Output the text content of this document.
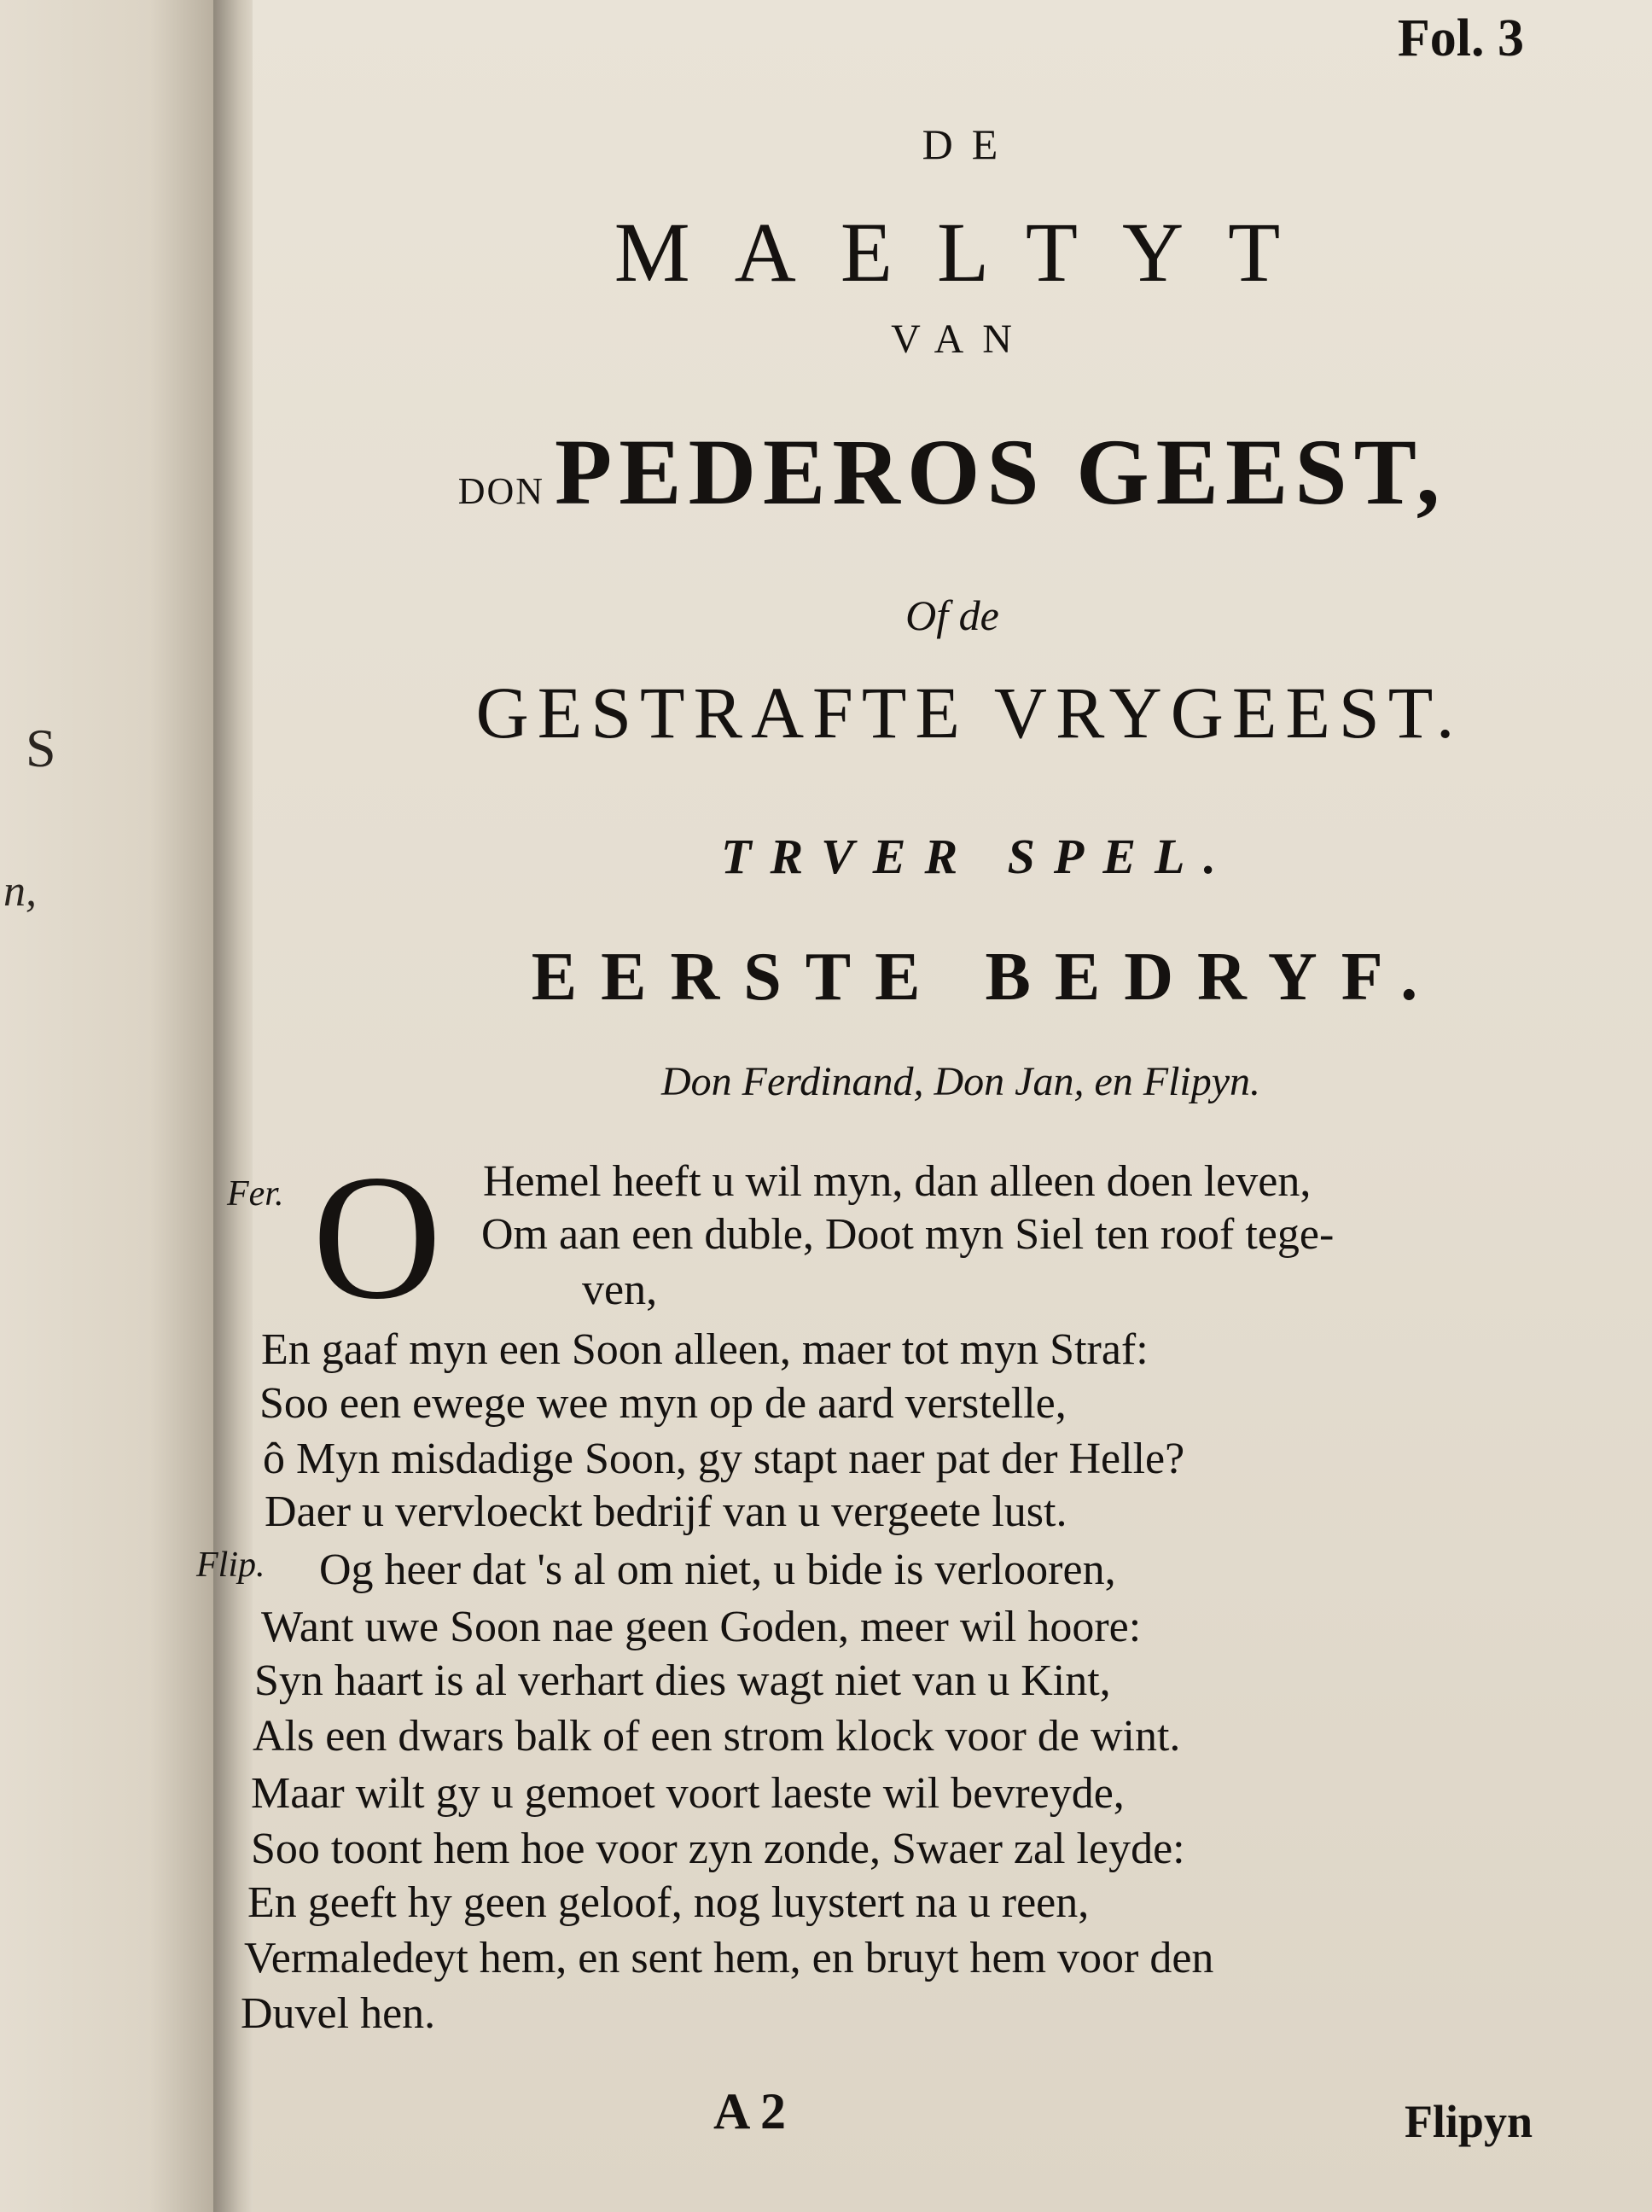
S
n,
Fol. 3
DE
MAELTYT
VAN
DON PEDEROS GEEST,
Of de
GESTRAFTE VRYGEEST.
TRVER SPEL.
EERSTE BEDRYF.
Don Ferdinand, Don Jan, en Flipyn.
Fer.
Flip.
O Hemel heeft u wil myn, dan alleen doen leven,
Om aan een duble, Doot myn Siel ten roof tege-
ven,
En gaaf myn een Soon alleen, maer tot myn Straf:
Soo een ewege wee myn op de aard verstelle,
ô Myn misdadige Soon, gy stapt naer pat der Helle?
Daer u vervloeckt bedrijf van u vergeete lust.
Og heer dat 's al om niet, u bide is verlooren,
Want uwe Soon nae geen Goden, meer wil hoore:
Syn haart is al verhart dies wagt niet van u Kint,
Als een dwars balk of een strom klock voor de wint.
Maar wilt gy u gemoet voort laeste wil bevreyde,
Soo toont hem hoe voor zyn zonde, Swaer zal leyde:
En geeft hy geen geloof, nog luystert na u reen,
Vermaledeyt hem, en sent hem, en bruyt hem voor den
Duvel hen.
A 2	Flipyn
